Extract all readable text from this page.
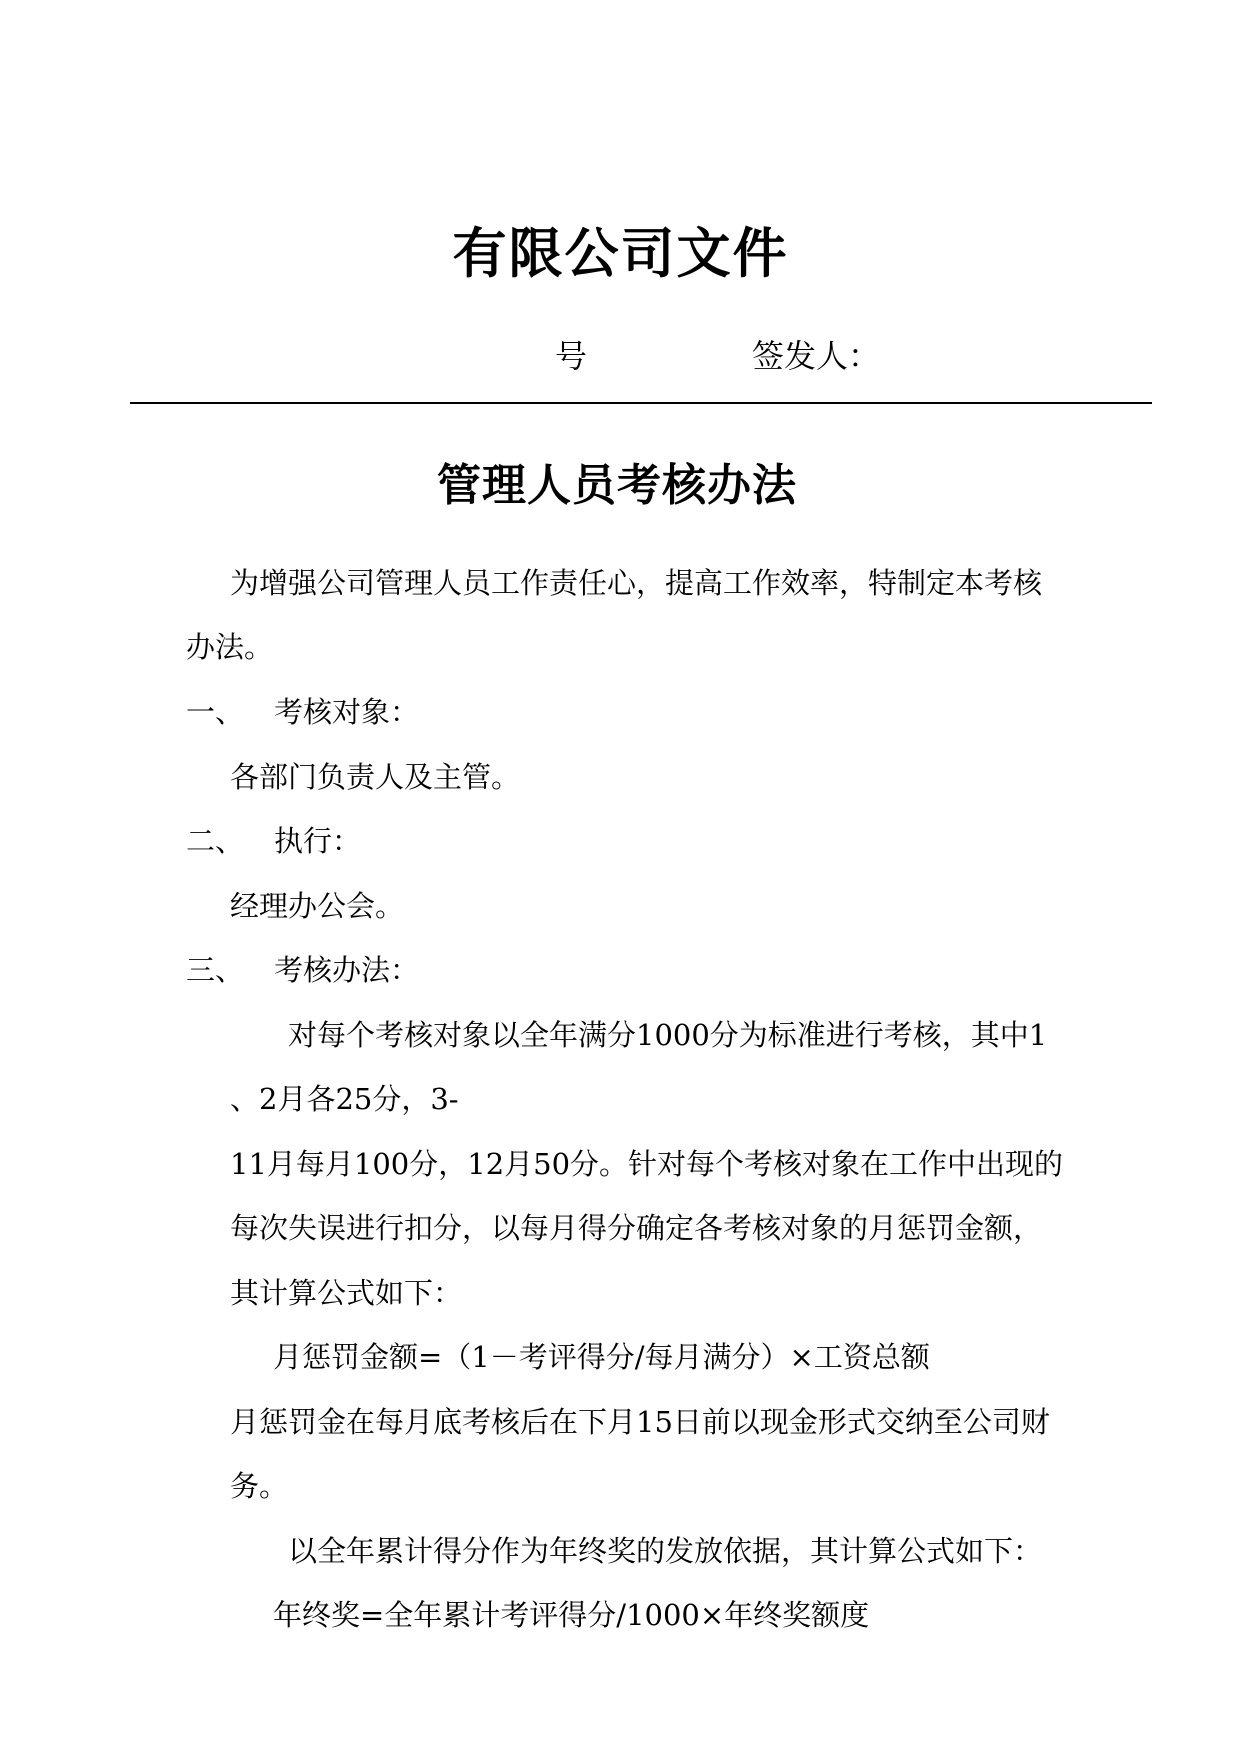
有限公司文件
号	签发人：
管理人员考核办法
为增强公司管理人员工作责任心，提高工作效率，特制定本考核
办法。
一、 考核对象：
各部门负责人及主管。
二、 执行：
经理办公会。
三、 考核办法：
对每个考核对象以全年满分1000分为标准进行考核，其中1
、2月各25分，3-
11月每月100分，12月50分。针对每个考核对象在工作中出现的
每次失误进行扣分，以每月得分确定各考核对象的月惩罚金额，
其计算公式如下：
月惩罚金额=（1－考评得分/每月满分）×工资总额
月惩罚金在每月底考核后在下月15日前以现金形式交纳至公司财
务。
以全年累计得分作为年终奖的发放依据，其计算公式如下：
年终奖=全年累计考评得分/1000×年终奖额度
